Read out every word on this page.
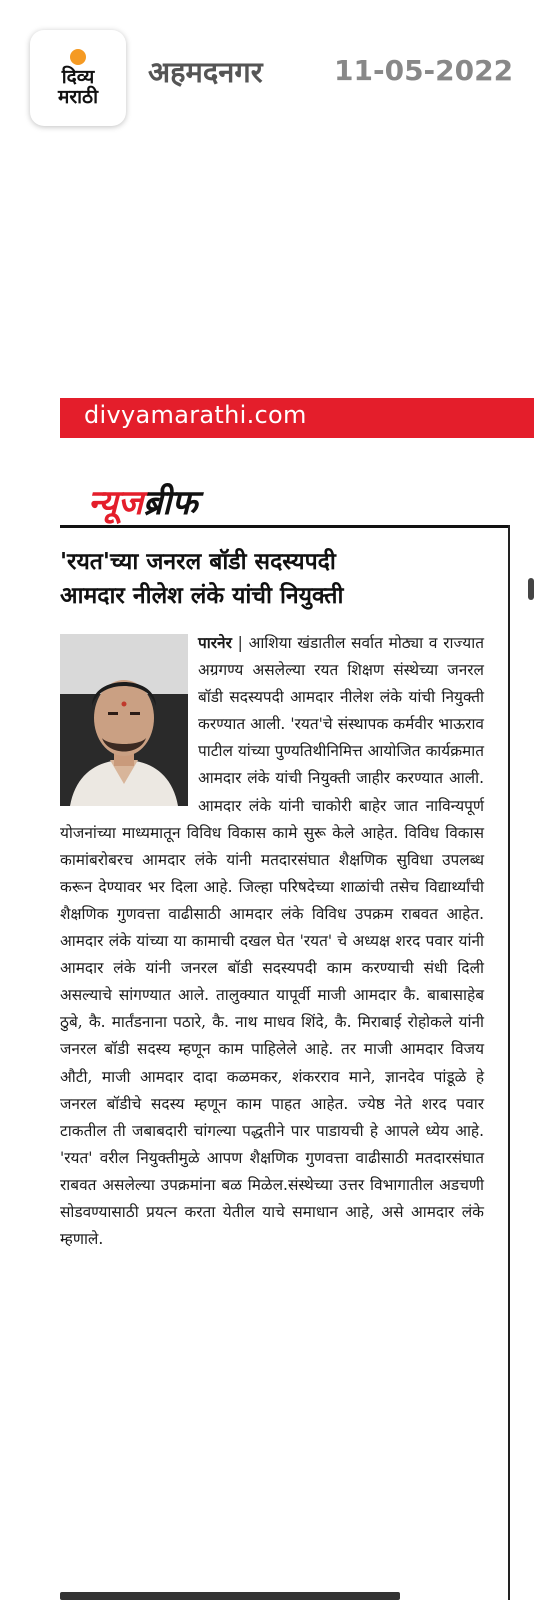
दिव्य
मराठी
अहमदनगर	11-05-2022
divyamarathi.com
न्यूजब्रीफ
'रयत'च्या जनरल बॉडी सदस्यपदी
आमदार नीलेश लंके यांची नियुक्ती
पारनेर |
आशिया खंडातील सर्वात मोठ्या व राज्यात अग्रगण्य असलेल्या रयत शिक्षण संस्थेच्या जनरल बॉडी सदस्यपदी आमदार नीलेश लंके यांची नियुक्ती करण्यात आली. 'रयत'चे संस्थापक कर्मवीर भाऊराव पाटील यांच्या पुण्यतिथीनिमित्त आयोजित कार्यक्रमात आमदार लंके यांची नियुक्ती जाहीर करण्यात आली. आमदार लंके यांनी चाकोरी बाहेर जात नाविन्यपूर्ण योजनांच्या माध्यमातून विविध विकास कामे सुरू केले आहेत. विविध विकास कामांबरोबरच आमदार लंके यांनी मतदारसंघात शैक्षणिक सुविधा उपलब्ध करून देण्यावर भर दिला आहे. जिल्हा परिषदेच्या शाळांची तसेच विद्यार्थ्यांची शैक्षणिक गुणवत्ता वाढीसाठी आमदार लंके विविध उपक्रम राबवत आहेत. आमदार लंके यांच्या या कामाची दखल घेत 'रयत' चे अध्यक्ष शरद पवार यांनी आमदार लंके यांनी जनरल बॉडी सदस्यपदी काम करण्याची संधी दिली असल्याचे सांगण्यात आले. तालुक्यात यापूर्वी माजी आमदार कै. बाबासाहेब ठुबे, कै. मार्तंडनाना पठारे, कै. नाथ माधव शिंदे, कै. मिराबाई रोहोकले यांनी जनरल बॉडी सदस्य म्हणून काम पाहिलेले आहे. तर माजी आमदार विजय औटी, माजी आमदार दादा कळमकर, शंकरराव माने, ज्ञानदेव पांडूळे हे जनरल बॉडीचे सदस्य म्हणून काम पाहत आहेत. ज्येष्ठ नेते शरद पवार टाकतील ती जबाबदारी चांगल्या पद्धतीने पार पाडायची हे आपले ध्येय आहे. 'रयत' वरील नियुक्तीमुळे आपण शैक्षणिक गुणवत्ता वाढीसाठी मतदारसंघात राबवत असलेल्या उपक्रमांना बळ मिळेल.संस्थेच्या उत्तर विभागातील अडचणी सोडवण्यासाठी प्रयत्न करता येतील याचे समाधान आहे, असे आमदार लंके म्हणाले.
